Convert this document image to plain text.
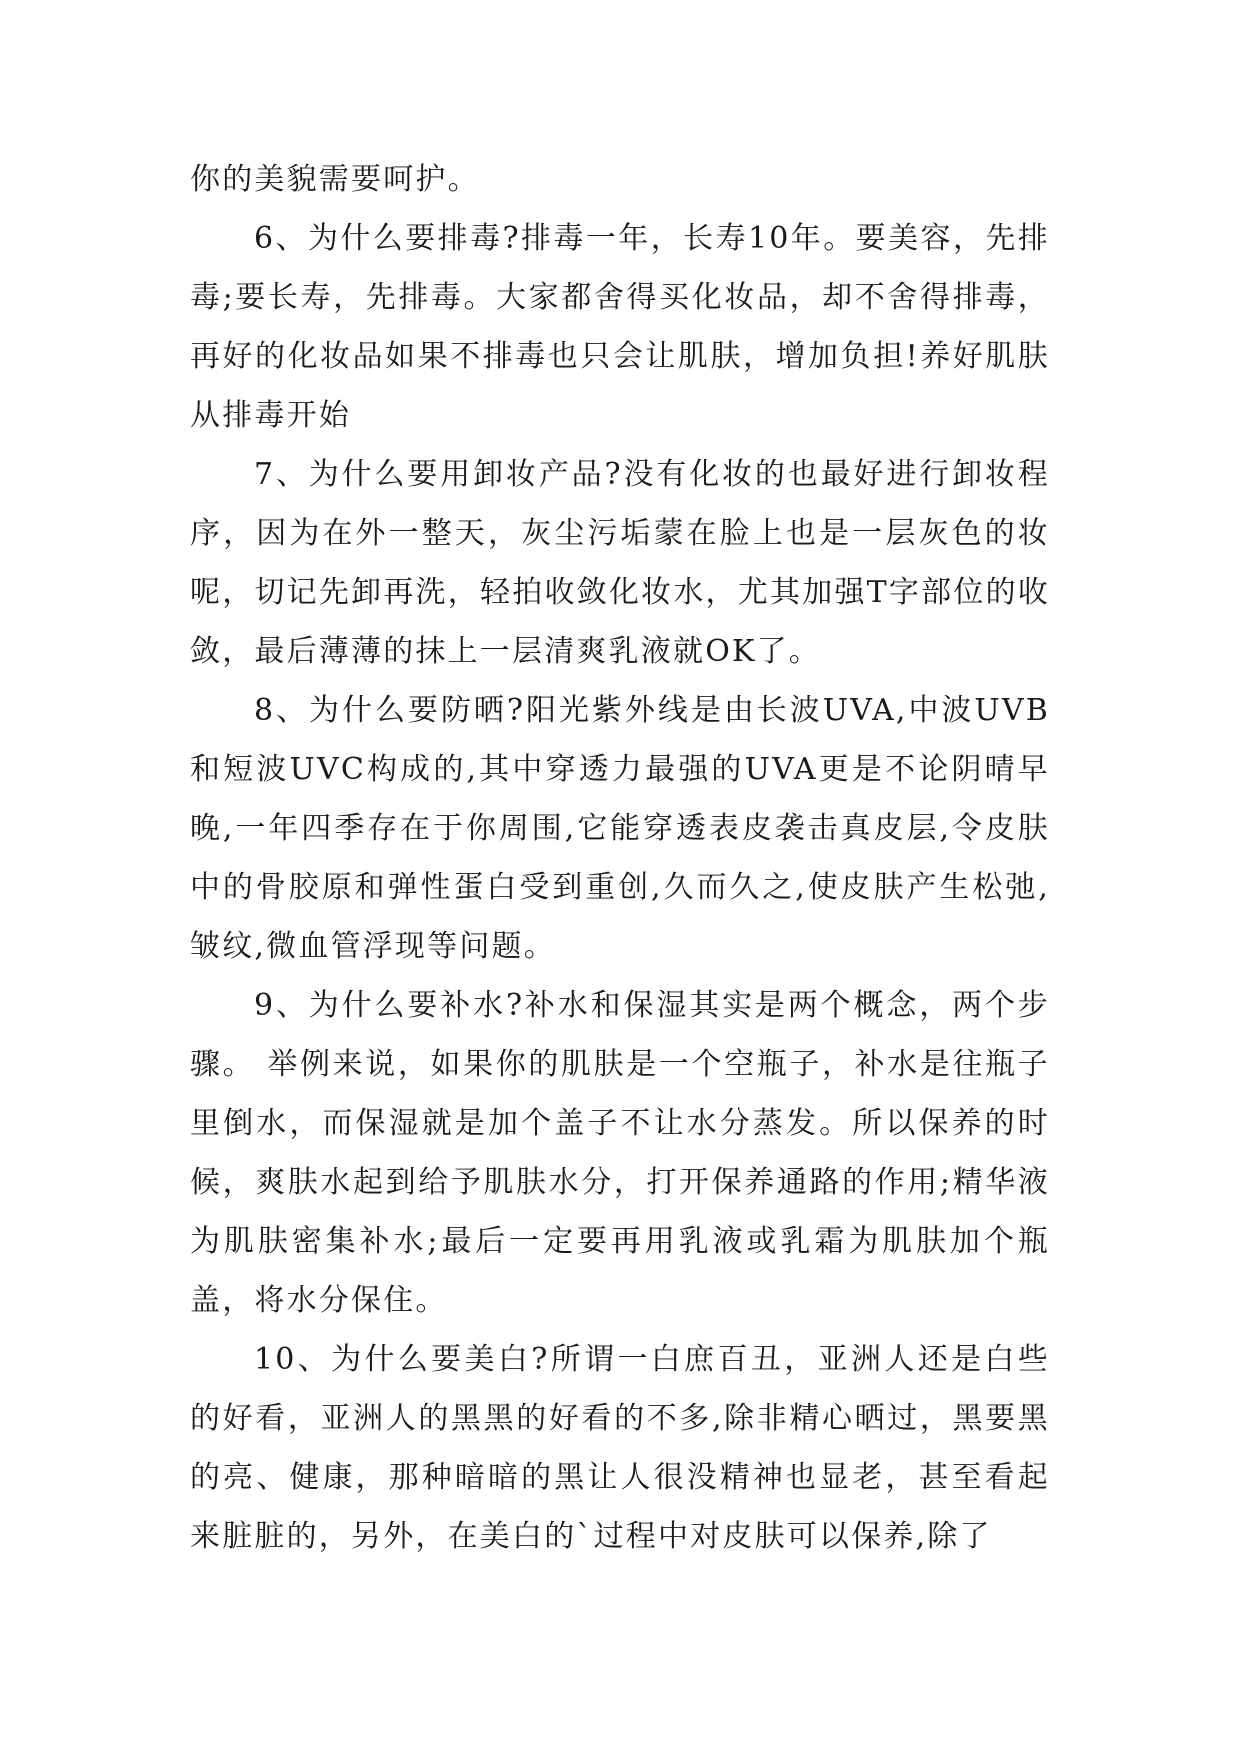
你的美貌需要呵护。

6、为什么要排毒?排毒一年，长寿10年。要美容，先排毒;要长寿，先排毒。大家都舍得买化妆品，却不舍得排毒，再好的化妆品如果不排毒也只会让肌肤，增加负担!养好肌肤从排毒开始

7、为什么要用卸妆产品?没有化妆的也最好进行卸妆程序，因为在外一整天，灰尘污垢蒙在脸上也是一层灰色的妆呢，切记先卸再洗，轻拍收敛化妆水，尤其加强T字部位的收敛，最后薄薄的抹上一层清爽乳液就OK了。

8、为什么要防晒?阳光紫外线是由长波UVA,中波UVB和短波UVC构成的,其中穿透力最强的UVA更是不论阴晴早晚,一年四季存在于你周围,它能穿透表皮袭击真皮层,令皮肤中的骨胶原和弹性蛋白受到重创,久而久之,使皮肤产生松弛,皱纹,微血管浮现等问题。

9、为什么要补水?补水和保湿其实是两个概念，两个步骤。 举例来说，如果你的肌肤是一个空瓶子，补水是往瓶子里倒水，而保湿就是加个盖子不让水分蒸发。所以保养的时候，爽肤水起到给予肌肤水分，打开保养通路的作用;精华液为肌肤密集补水;最后一定要再用乳液或乳霜为肌肤加个瓶盖，将水分保住。

10、为什么要美白?所谓一白庶百丑，亚洲人还是白些的好看，亚洲人的黑黑的好看的不多,除非精心晒过，黑要黑的亮、健康，那种暗暗的黑让人很没精神也显老，甚至看起来脏脏的，另外，在美白的`过程中对皮肤可以保养,除了
